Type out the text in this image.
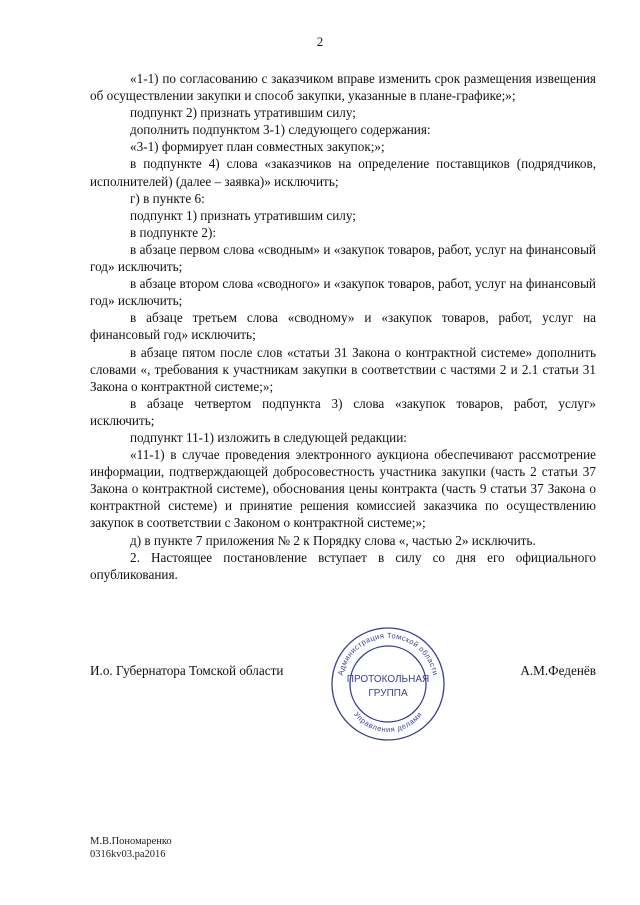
2

«1-1) по согласованию с заказчиком вправе изменить срок размещения извещения об осуществлении закупки и способ закупки, указанные в плане-графике;»;

подпункт 2) признать утратившим силу;

дополнить подпунктом 3-1) следующего содержания:

«3-1) формирует план совместных закупок;»;

в подпункте 4) слова «заказчиков на определение поставщиков (подрядчиков, исполнителей) (далее – заявка)» исключить;

г) в пункте 6:

подпункт 1) признать утратившим силу;

в подпункте 2):

в абзаце первом слова «сводным» и «закупок товаров, работ, услуг на финансовый год» исключить;

в абзаце втором слова «сводного» и «закупок товаров, работ, услуг на финансовый год» исключить;

в абзаце третьем слова «сводному» и «закупок товаров, работ, услуг на финансовый год» исключить;

в абзаце пятом после слов «статьи 31 Закона о контрактной системе» дополнить словами «, требования к участникам закупки в соответствии с частями 2 и 2.1 статьи 31 Закона о контрактной системе;»;

в абзаце четвертом подпункта 3) слова «закупок товаров, работ, услуг» исключить;

подпункт 11-1) изложить в следующей редакции:

«11-1) в случае проведения электронного аукциона обеспечивают рассмотрение информации, подтверждающей добросовестность участника закупки (часть 2 статьи 37 Закона о контрактной системе), обоснования цены контракта (часть 9 статьи 37 Закона о контрактной системе) и принятие решения комиссией заказчика по осуществлению закупок в соответствии с Законом о контрактной системе;»;

д) в пункте 7 приложения № 2 к Порядку слова «, частью 2» исключить.

2. Настоящее постановление вступает в силу со дня его официального опубликования.

И.о. Губернатора Томской области	А.М.Феденёв
Администрация Томской области
Управления делами
ПРОТОКОЛЬНАЯ
ГРУППА
М.В.Пономаренко
0316kv03.pa2016
